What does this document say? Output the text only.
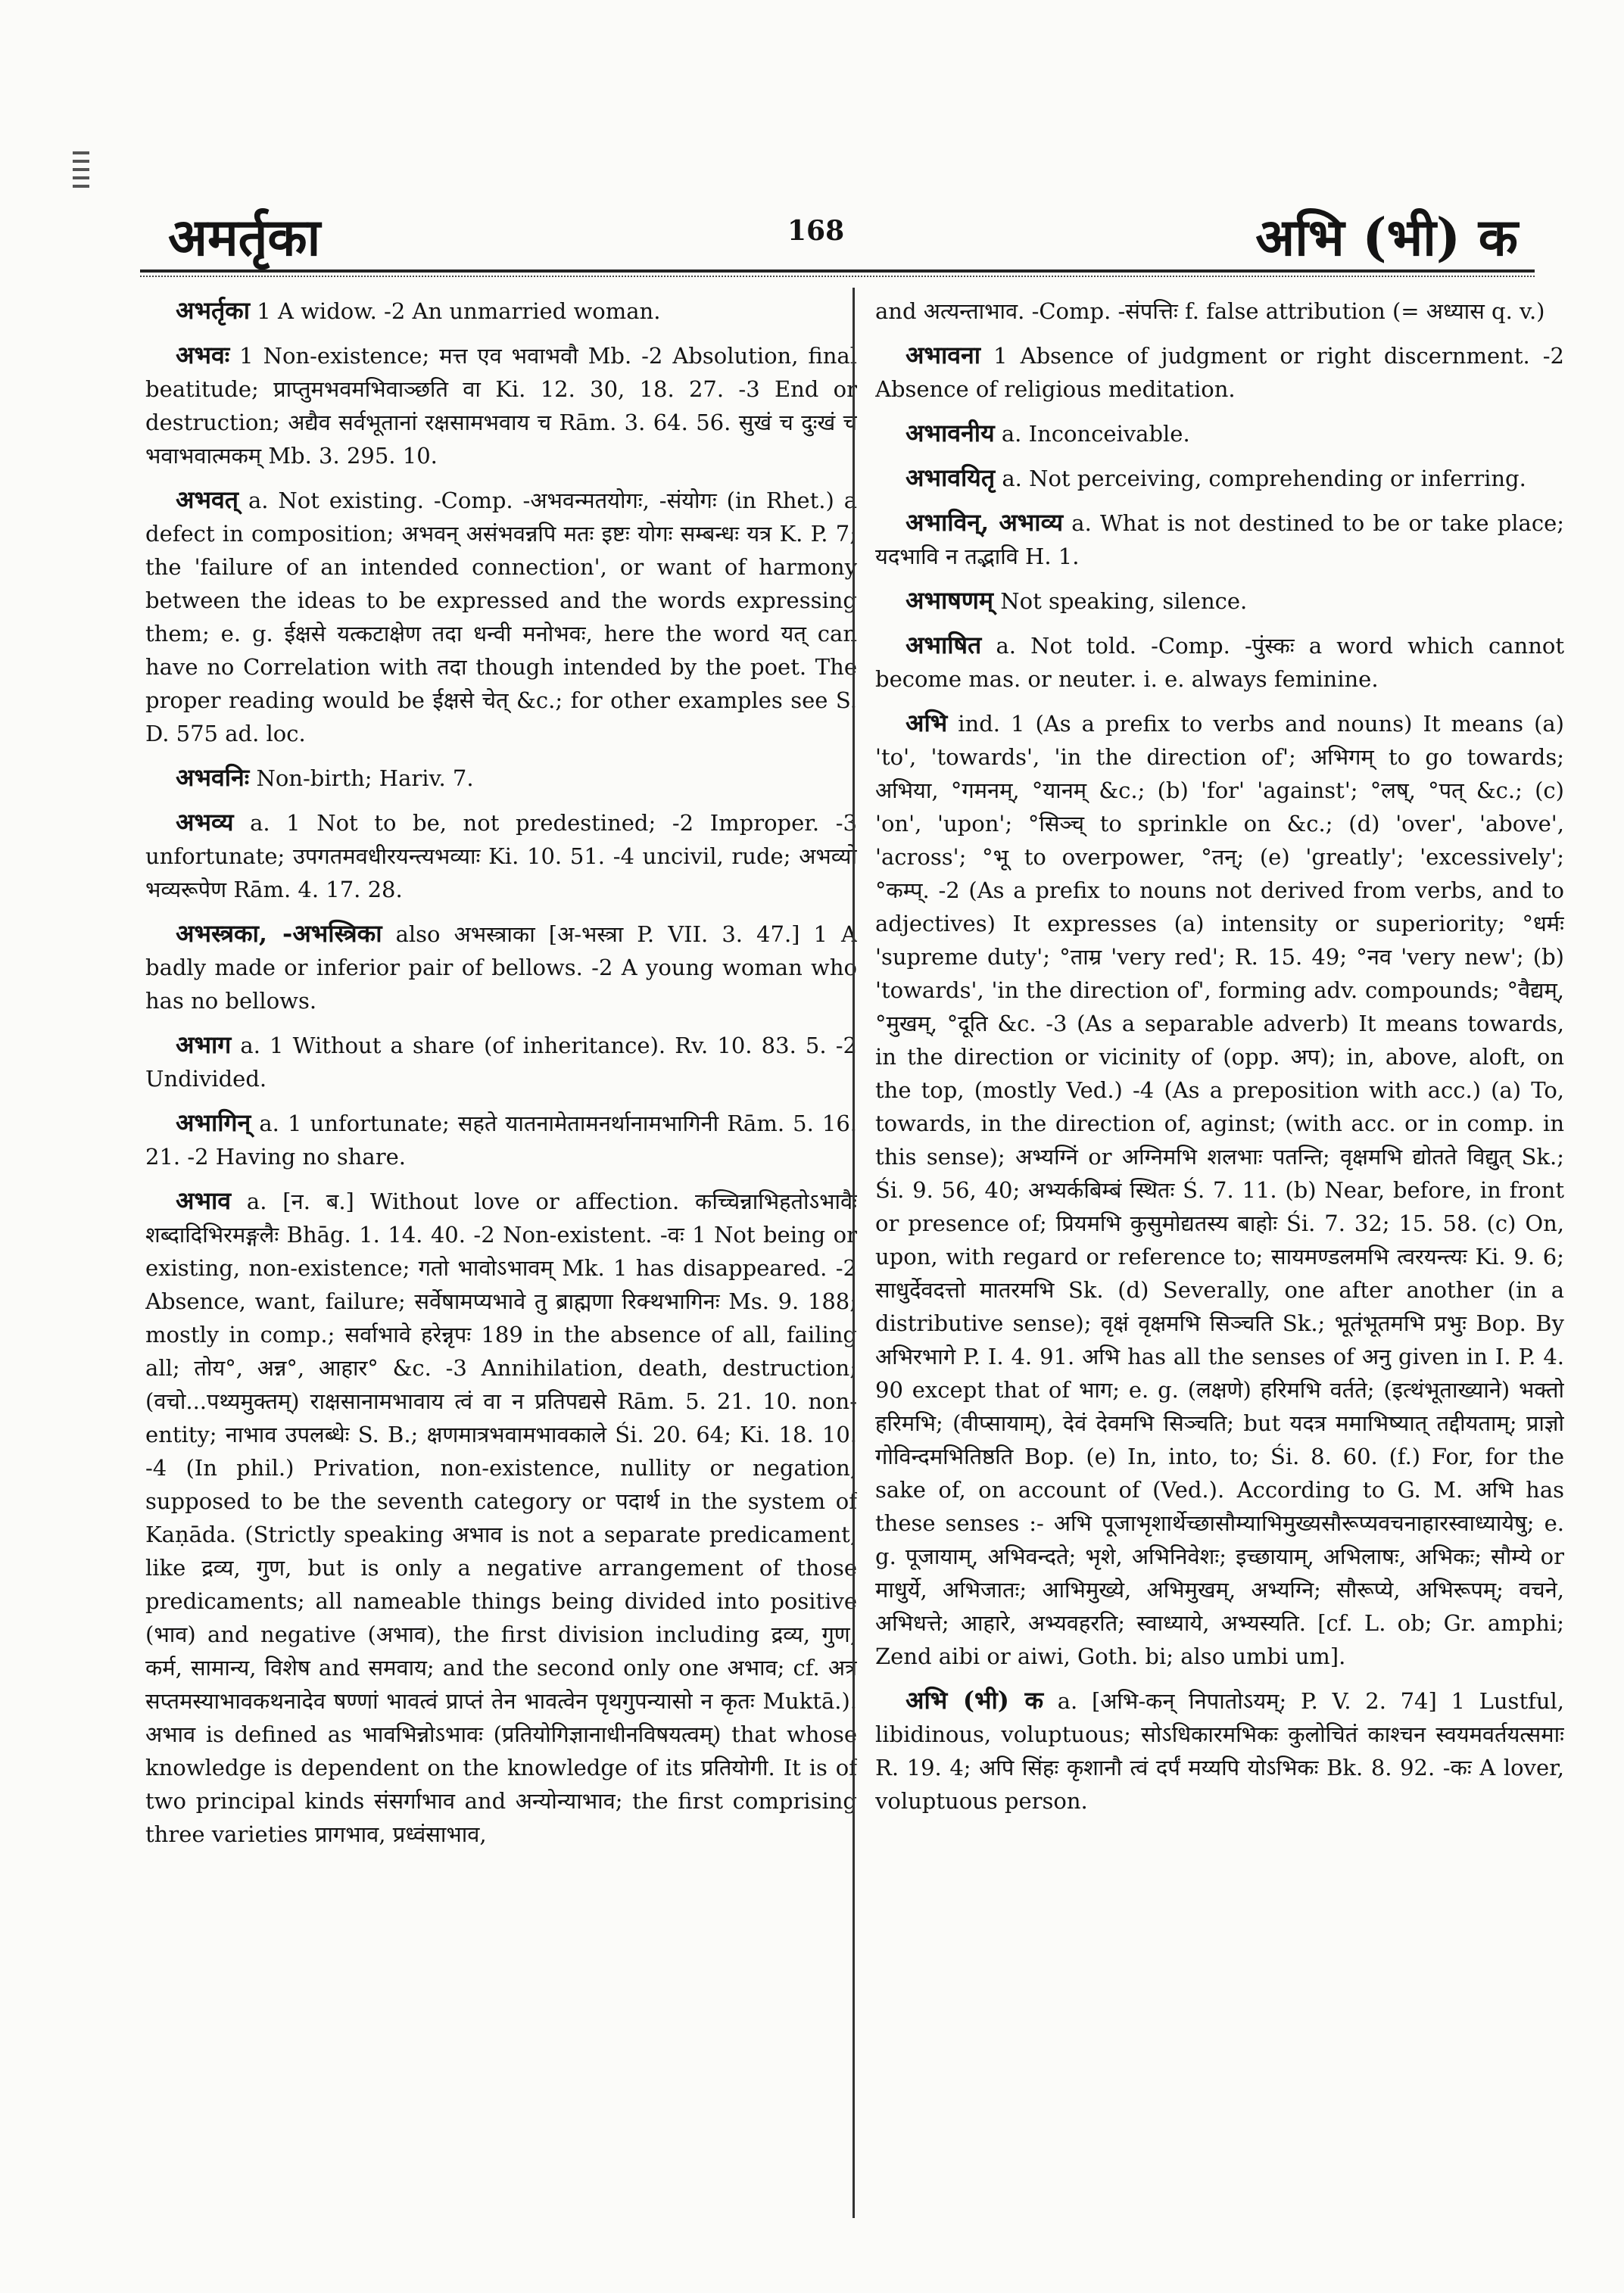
अमर्तृका	168	अभि (भी) क

अभर्तृका 1 A widow. -2 An unmarried woman.

अभवः 1 Non-existence; मत्त एव भवाभवौ Mb. -2 Absolution, final beatitude; प्राप्तुमभवमभिवाञ्छति वा Ki. 12. 30, 18. 27. -3 End or destruction; अद्यैव सर्वभूतानां रक्षसामभवाय च Rām. 3. 64. 56. सुखं च दुःखं च भवाभवात्मकम् Mb. 3. 295. 10.

अभवत् a. Not existing. -Comp. -अभवन्मतयोगः, -संयोगः (in Rhet.) a defect in composition; अभवन् असंभवन्नपि मतः इष्टः योगः सम्बन्धः यत्र K. P. 7; the 'failure of an intended connection', or want of harmony between the ideas to be expressed and the words expressing them; e. g. ईक्षसे यत्कटाक्षेण तदा धन्वी मनोभवः, here the word यत् can have no Correlation with तदा though intended by the poet. The proper reading would be ईक्षसे चेत् &c.; for other examples see S. D. 575 ad. loc.

अभवनिः Non-birth; Hariv. 7.

अभव्य a. 1 Not to be, not predestined; -2 Improper. -3 unfortunate; उपगतमवधीरयन्त्यभव्याः Ki. 10. 51. -4 uncivil, rude; अभव्यो भव्यरूपेण Rām. 4. 17. 28.

अभस्त्रका, -अभस्त्रिका also अभस्त्राका [अ-भस्त्रा P. VII. 3. 47.] 1 A badly made or inferior pair of bellows. -2 A young woman who has no bellows.

अभाग a. 1 Without a share (of inheritance). Rv. 10. 83. 5. -2 Undivided.

अभागिन् a. 1 unfortunate; सहते यातनामेतामनर्थानामभागिनी Rām. 5. 16. 21. -2 Having no share.

अभाव a. [न. ब.] Without love or affection. कच्चिन्नाभिहतोऽभावैः शब्दादिभिरमङ्गलैः Bhāg. 1. 14. 40. -2 Non-existent. -वः 1 Not being or existing, non-existence; गतो भावोऽभावम् Mk. 1 has disappeared. -2 Absence, want, failure; सर्वेषामप्यभावे तु ब्राह्मणा रिक्थभागिनः Ms. 9. 188; mostly in comp.; सर्वाभावे हरेन्नृपः 189 in the absence of all, failing all; तोय°, अन्न°, आहार° &c. -3 Annihilation, death, destruction; (वचो...पथ्यमुक्तम्) राक्षसानामभावाय त्वं वा न प्रतिपद्यसे Rām. 5. 21. 10. non-entity; नाभाव उपलब्धेः S. B.; क्षणमात्रभवामभावकाले Śi. 20. 64; Ki. 18. 10. -4 (In phil.) Privation, non-existence, nullity or negation, supposed to be the seventh category or पदार्थ in the system of Kaṇāda. (Strictly speaking अभाव is not a separate predicament, like द्रव्य, गुण, but is only a negative arrangement of those predicaments; all nameable things being divided into positive (भाव) and negative (अभाव), the first division including द्रव्य, गुण, कर्म, सामान्य, विशेष and समवाय; and the second only one अभाव; cf. अत्र सप्तमस्याभावकथनादेव षण्णां भावत्वं प्राप्तं तेन भावत्वेन पृथगुपन्यासो न कृतः Muktā.). अभाव is defined as भावभिन्नोऽभावः (प्रतियोगिज्ञानाधीनविषयत्वम्) that whose knowledge is dependent on the knowledge of its प्रतियोगी. It is of two principal kinds संसर्गाभाव and अन्योन्याभाव; the first comprising three varieties प्रागभाव, प्रध्वंसाभाव,

and अत्यन्ताभाव. -Comp. -संपत्तिः f. false attribution (= अध्यास q. v.)

अभावना 1 Absence of judgment or right discernment. -2 Absence of religious meditation.

अभावनीय a. Inconceivable.

अभावयितृ a. Not perceiving, comprehending or inferring.

अभाविन्, अभाव्य a. What is not destined to be or take place; यदभावि न तद्भावि H. 1.

अभाषणम् Not speaking, silence.

अभाषित a. Not told. -Comp. -पुंस्कः a word which cannot become mas. or neuter. i. e. always feminine.

अभि ind. 1 (As a prefix to verbs and nouns) It means (a) 'to', 'towards', 'in the direction of'; अभिगम् to go towards; अभिया, °गमनम्, °यानम् &c.; (b) 'for' 'against'; °लष्, °पत् &c.; (c) 'on', 'upon'; °सिञ्च् to sprinkle on &c.; (d) 'over', 'above', 'across'; °भू to overpower, °तन्; (e) 'greatly'; 'excessively'; °कम्प्. -2 (As a prefix to nouns not derived from verbs, and to adjectives) It expresses (a) intensity or superiority; °धर्मः 'supreme duty'; °ताम्र 'very red'; R. 15. 49; °नव 'very new'; (b) 'towards', 'in the direction of', forming adv. compounds; °वैद्यम्, °मुखम्, °दूति &c. -3 (As a separable adverb) It means towards, in the direction or vicinity of (opp. अप); in, above, aloft, on the top, (mostly Ved.) -4 (As a preposition with acc.) (a) To, towards, in the direction of, aginst; (with acc. or in comp. in this sense); अभ्यग्निं or अग्निमभि शलभाः पतन्ति; वृक्षमभि द्योतते विद्युत् Sk.; Śi. 9. 56, 40; अभ्यर्कबिम्बं स्थितः Ś. 7. 11. (b) Near, before, in front or presence of; प्रियमभि कुसुमोद्यतस्य बाहोः Śi. 7. 32; 15. 58. (c) On, upon, with regard or reference to; सायमण्डलमभि त्वरयन्त्यः Ki. 9. 6; साधुर्देवदत्तो मातरमभि Sk. (d) Severally, one after another (in a distributive sense); वृक्षं वृक्षमभि सिञ्चति Sk.; भूतंभूतमभि प्रभुः Bop. By अभिरभागे P. I. 4. 91. अभि has all the senses of अनु given in I. P. 4. 90 except that of भाग; e. g. (लक्षणे) हरिमभि वर्तते; (इत्थंभूताख्याने) भक्तो हरिमभि; (वीप्सायाम्), देवं देवमभि सिञ्चति; but यदत्र ममाभिष्यात् तद्दीयताम्; प्राज्ञो गोविन्दमभितिष्ठति Bop. (e) In, into, to; Śi. 8. 60. (f.) For, for the sake of, on account of (Ved.). According to G. M. अभि has these senses :- अभि पूजाभृशार्थेच्छासौम्याभिमुख्यसौरूप्यवचनाहारस्वाध्यायेषु; e. g. पूजायाम्, अभिवन्दते; भृशे, अभिनिवेशः; इच्छायाम्, अभिलाषः, अभिकः; सौम्ये or माधुर्ये, अभिजातः; आभिमुख्ये, अभिमुखम्, अभ्यग्नि; सौरूप्ये, अभिरूपम्; वचने, अभिधत्ते; आहारे, अभ्यवहरति; स्वाध्याये, अभ्यस्यति. [cf. L. ob; Gr. amphi; Zend aibi or aiwi, Goth. bi; also umbi um].

अभि (भी) क a. [अभि-कन् निपातोऽयम्; P. V. 2. 74] 1 Lustful, libidinous, voluptuous; सोऽधिकारमभिकः कुलोचितं काश्चन स्वयमवर्तयत्समाः R. 19. 4; अपि सिंहः कृशानौ त्वं दर्पं मय्यपि योऽभिकः Bk. 8. 92. -कः A lover, voluptuous person.
